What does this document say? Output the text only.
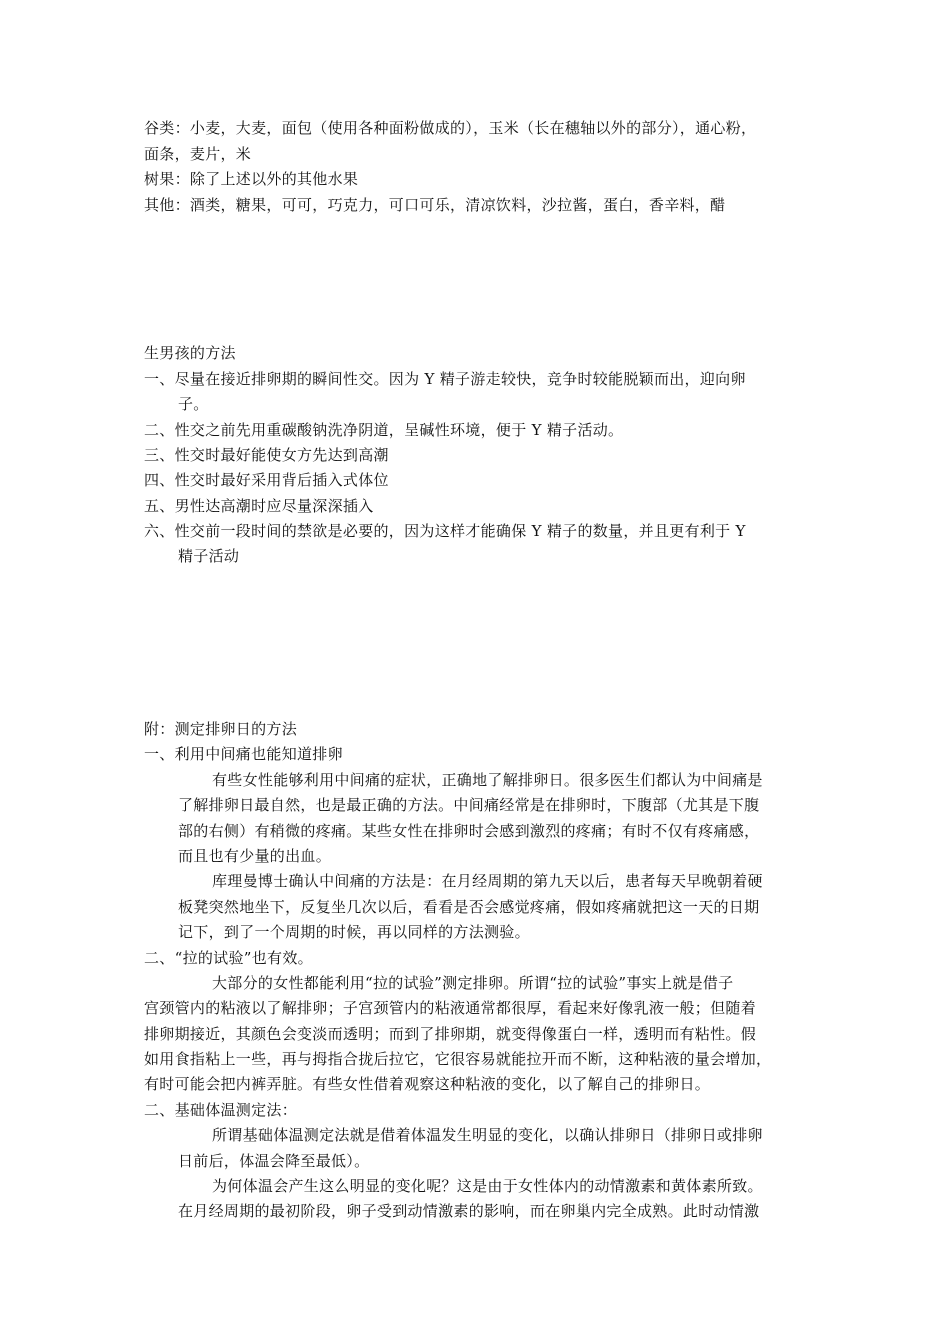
谷类：小麦，大麦，面包（使用各种面粉做成的），玉米（长在穗轴以外的部分），通心粉，
面条，麦片，米
树果：除了上述以外的其他水果
其他：酒类，糖果，可可，巧克力，可口可乐，清凉饮料，沙拉酱，蛋白，香辛料，醋
生男孩的方法
一、尽量在接近排卵期的瞬间性交。因为 Y 精子游走较快，竞争时较能脱颖而出，迎向卵
子。
二、性交之前先用重碳酸钠洗净阴道，呈碱性环境，便于 Y 精子活动。
三、性交时最好能使女方先达到高潮
四、性交时最好采用背后插入式体位
五、男性达高潮时应尽量深深插入
六、性交前一段时间的禁欲是必要的，因为这样才能确保 Y 精子的数量，并且更有利于 Y
精子活动
附：测定排卵日的方法
一、利用中间痛也能知道排卵
有些女性能够利用中间痛的症状，正确地了解排卵日。很多医生们都认为中间痛是
了解排卵日最自然，也是最正确的方法。中间痛经常是在排卵时，下腹部（尤其是下腹
部的右侧）有稍微的疼痛。某些女性在排卵时会感到激烈的疼痛；有时不仅有疼痛感，
而且也有少量的出血。
库理曼博士确认中间痛的方法是：在月经周期的第九天以后，患者每天早晚朝着硬
板凳突然地坐下，反复坐几次以后，看看是否会感觉疼痛，假如疼痛就把这一天的日期
记下，到了一个周期的时候，再以同样的方法测验。
二、“拉的试验”也有效。
大部分的女性都能利用“拉的试验”测定排卵。所谓“拉的试验”事实上就是借子
宫颈管内的粘液以了解排卵；子宫颈管内的粘液通常都很厚，看起来好像乳液一般；但随着
排卵期接近，其颜色会变淡而透明；而到了排卵期，就变得像蛋白一样，透明而有粘性。假
如用食指粘上一些，再与拇指合拢后拉它，它很容易就能拉开而不断，这种粘液的量会增加，
有时可能会把内裤弄脏。有些女性借着观察这种粘液的变化，以了解自己的排卵日。
二、基础体温测定法：
所谓基础体温测定法就是借着体温发生明显的变化，以确认排卵日（排卵日或排卵
日前后，体温会降至最低）。
为何体温会产生这么明显的变化呢？这是由于女性体内的动情激素和黄体素所致。
在月经周期的最初阶段，卵子受到动情激素的影响，而在卵巢内完全成熟。此时动情激
